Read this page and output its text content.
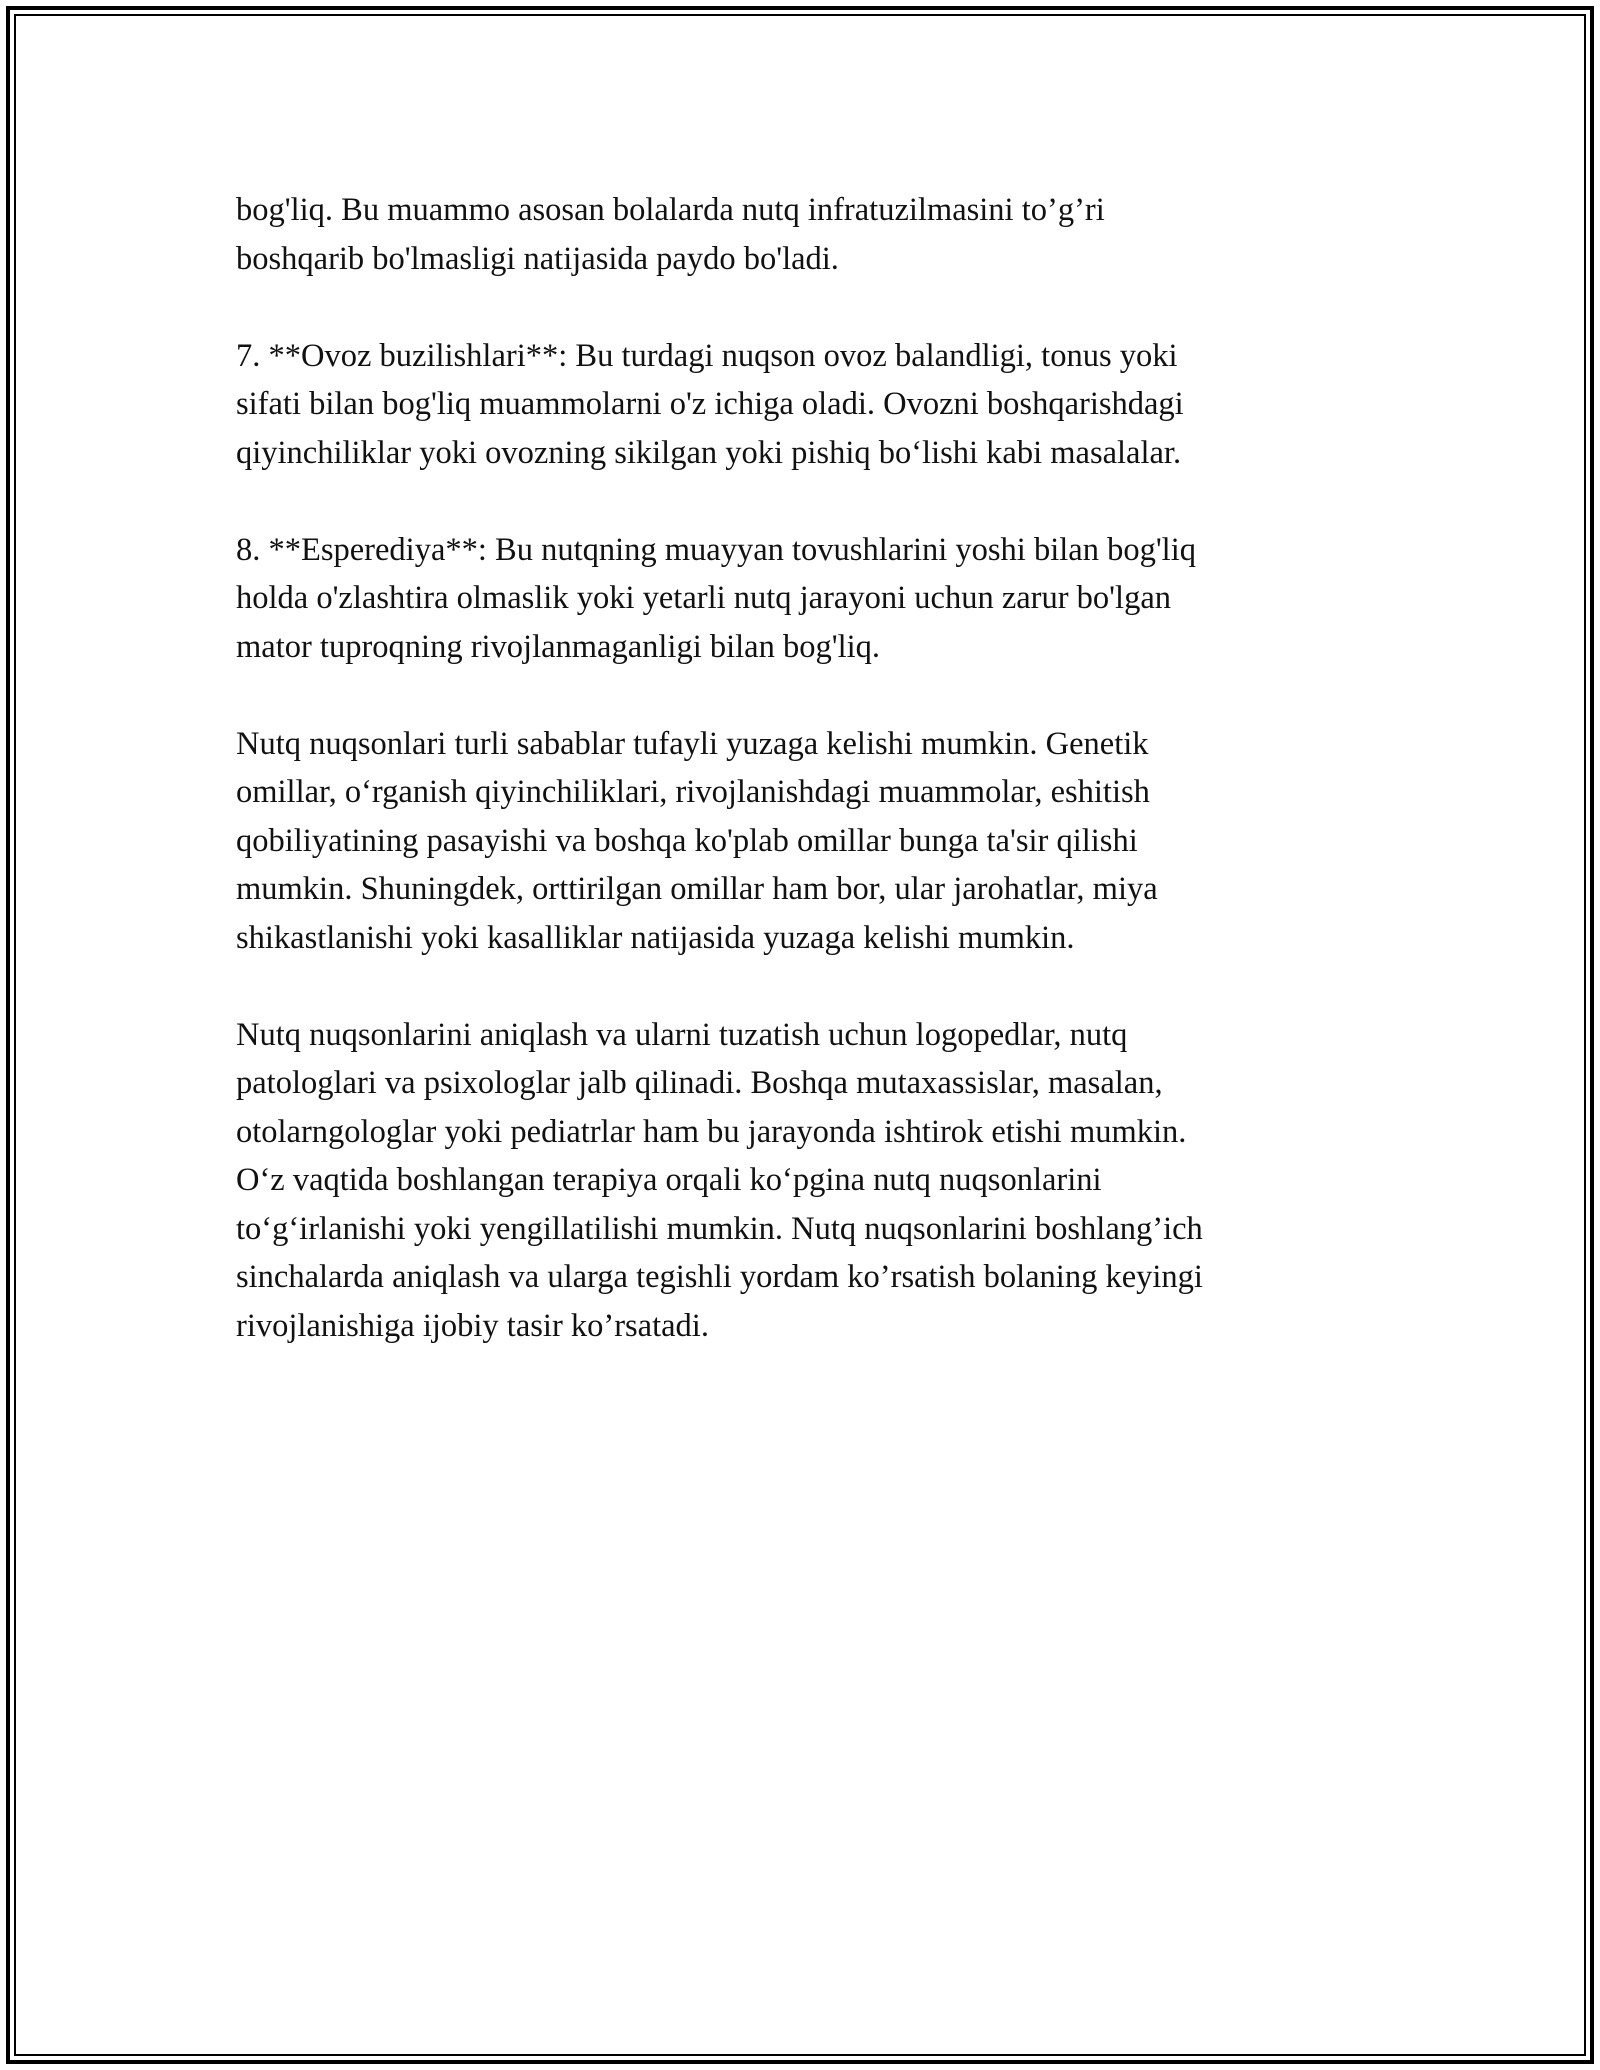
bog'liq. Bu muammo asosan bolalarda nutq infratuzilmasini to’g’ri
boshqarib bo'lmasligi natijasida paydo bo'ladi.

7. **Ovoz buzilishlari**: Bu turdagi nuqson ovoz balandligi, tonus yoki
sifati bilan bog'liq muammolarni o'z ichiga oladi. Ovozni boshqarishdagi
qiyinchiliklar yoki ovozning sikilgan yoki pishiq bo‘lishi kabi masalalar.

8. **Esperediya**: Bu nutqning muayyan tovushlarini yoshi bilan bog'liq
holda o'zlashtira olmaslik yoki yetarli nutq jarayoni uchun zarur bo'lgan
mator tuproqning rivojlanmaganligi bilan bog'liq.

Nutq nuqsonlari turli sabablar tufayli yuzaga kelishi mumkin. Genetik
omillar, o‘rganish qiyinchiliklari, rivojlanishdagi muammolar, eshitish
qobiliyatining pasayishi va boshqa ko'plab omillar bunga ta'sir qilishi
mumkin. Shuningdek, orttirilgan omillar ham bor, ular jarohatlar, miya
shikastlanishi yoki kasalliklar natijasida yuzaga kelishi mumkin.

Nutq nuqsonlarini aniqlash va ularni tuzatish uchun logopedlar, nutq
patologlari va psixologlar jalb qilinadi. Boshqa mutaxassislar, masalan,
otolarngologlar yoki pediatrlar ham bu jarayonda ishtirok etishi mumkin.
O‘z vaqtida boshlangan terapiya orqali ko‘pgina nutq nuqsonlarini
to‘g‘irlanishi yoki yengillatilishi mumkin. Nutq nuqsonlarini boshlang’ich
sinchalarda aniqlash va ularga tegishli yordam ko’rsatish bolaning keyingi
rivojlanishiga ijobiy tasir ko’rsatadi.
